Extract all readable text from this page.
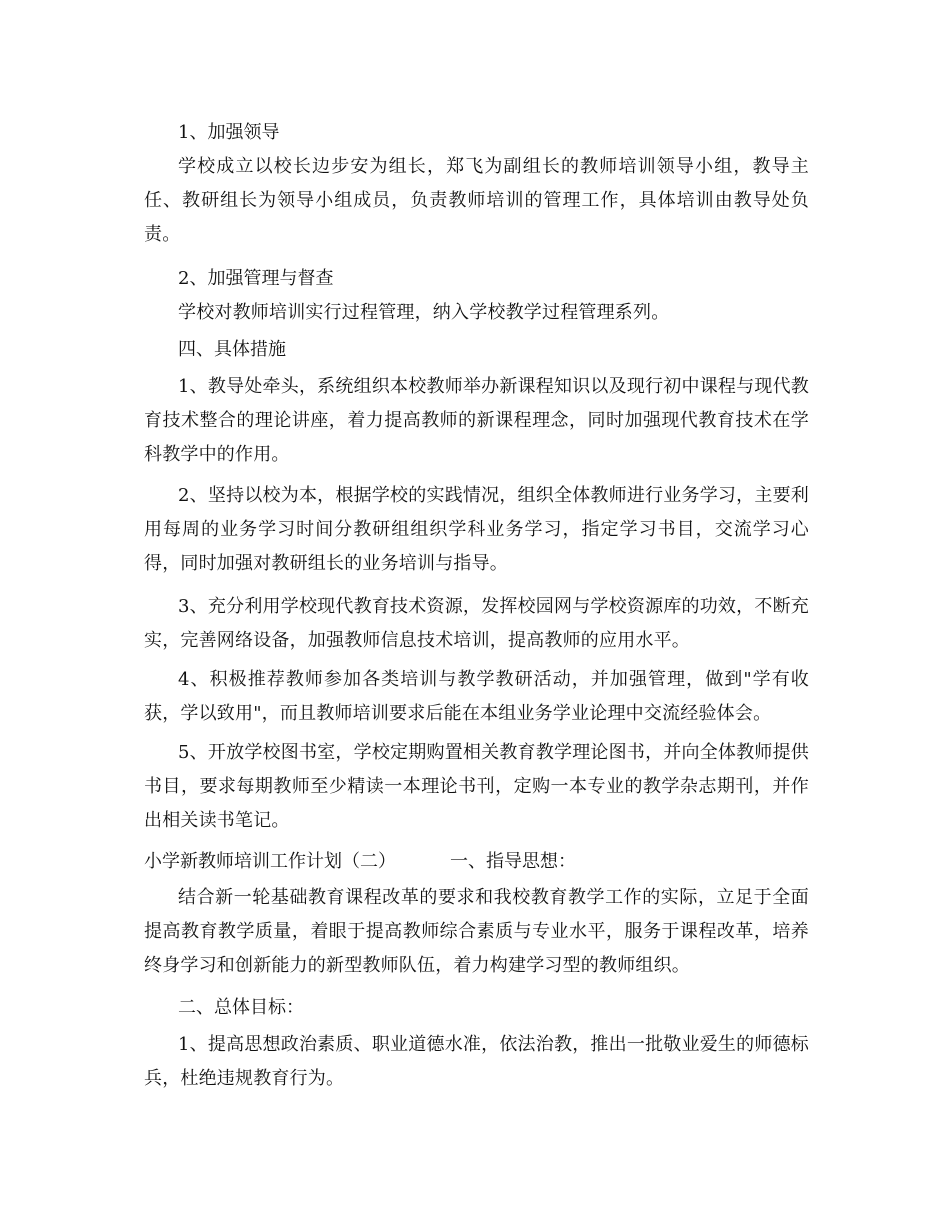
1、加强领导

学校成立以校长边步安为组长，郑飞为副组长的教师培训领导小组，教导主任、教研组长为领导小组成员，负责教师培训的管理工作，具体培训由教导处负责。

2、加强管理与督查

学校对教师培训实行过程管理，纳入学校教学过程管理系列。

四、具体措施

1、教导处牵头，系统组织本校教师举办新课程知识以及现行初中课程与现代教育技术整合的理论讲座，着力提高教师的新课程理念，同时加强现代教育技术在学科教学中的作用。

2、坚持以校为本，根据学校的实践情况，组织全体教师进行业务学习，主要利用每周的业务学习时间分教研组组织学科业务学习，指定学习书目，交流学习心得，同时加强对教研组长的业务培训与指导。

3、充分利用学校现代教育技术资源，发挥校园网与学校资源库的功效，不断充实，完善网络设备，加强教师信息技术培训，提高教师的应用水平。

4、积极推荐教师参加各类培训与教学教研活动，并加强管理，做到"学有收获，学以致用"，而且教师培训要求后能在本组业务学业论理中交流经验体会。

5、开放学校图书室，学校定期购置相关教育教学理论图书，并向全体教师提供书目，要求每期教师至少精读一本理论书刊，定购一本专业的教学杂志期刊，并作出相关读书笔记。

小学新教师培训工作计划（二）	一、指导思想：

结合新一轮基础教育课程改革的要求和我校教育教学工作的实际，立足于全面提高教育教学质量，着眼于提高教师综合素质与专业水平，服务于课程改革，培养终身学习和创新能力的新型教师队伍，着力构建学习型的教师组织。

二、总体目标：

1、提高思想政治素质、职业道德水准，依法治教，推出一批敬业爱生的师德标兵，杜绝违规教育行为。
